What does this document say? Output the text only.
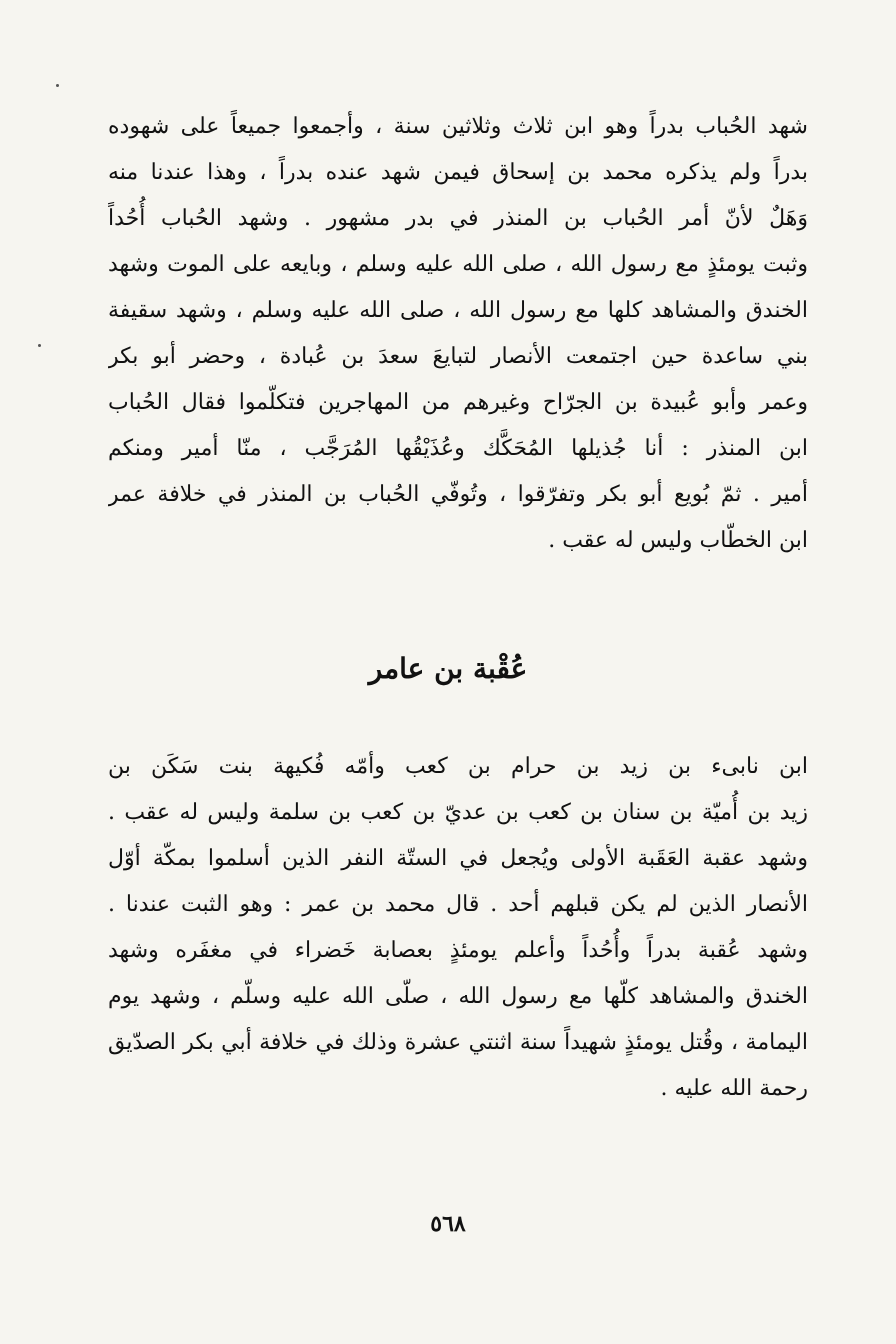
شهد الحُباب بدراً وهو ابن ثلاث وثلاثين سنة ، وأجمعوا جميعاً على شهوده
بدراً ولم يذكره محمد بن إسحاق فيمن شهد عنده بدراً ، وهذا عندنا منه
وَهَلٌ لأنّ أمر الحُباب بن المنذر في بدر مشهور . وشهد الحُباب أُحُداً
وثبت يومئذٍ مع رسول الله ، صلى الله عليه وسلم ، وبايعه على الموت وشهد
الخندق والمشاهد كلها مع رسول الله ، صلى الله عليه وسلم ، وشهد سقيفة
بني ساعدة حين اجتمعت الأنصار لتبايعَ سعدَ بن عُبادة ، وحضر أبو بكر
وعمر وأبو عُبيدة بن الجرّاح وغيرهم من المهاجرين فتكلّموا فقال الحُباب
ابن المنذر : أنا جُذيلها المُحَكَّك وعُذَيْقُها المُرَجَّب ، منّا أمير ومنكم
أمير . ثمّ بُويع أبو بكر وتفرّقوا ، وتُوفّي الحُباب بن المنذر في خلافة عمر
ابن الخطّاب وليس له عقب .
عُقْبة بن عامر
ابن نابىء بن زيد بن حرام بن كعب وأمّه فُكيهة بنت سَكَن بن
زيد بن أُميّة بن سنان بن كعب بن عديّ بن كعب بن سلمة وليس له عقب .
وشهد عقبة العَقَبة الأولى ويُجعل في الستّة النفر الذين أسلموا بمكّة أوّل
الأنصار الذين لم يكن قبلهم أحد . قال محمد بن عمر : وهو الثبت عندنا .
وشهد عُقبة بدراً وأُحُداً وأعلم يومئذٍ بعصابة خَضراء في مغفَره وشهد
الخندق والمشاهد كلّها مع رسول الله ، صلّى الله عليه وسلّم ، وشهد يوم
اليمامة ، وقُتل يومئذٍ شهيداً سنة اثنتي عشرة وذلك في خلافة أبي بكر الصدّيق
رحمة الله عليه .
٥٦٨
